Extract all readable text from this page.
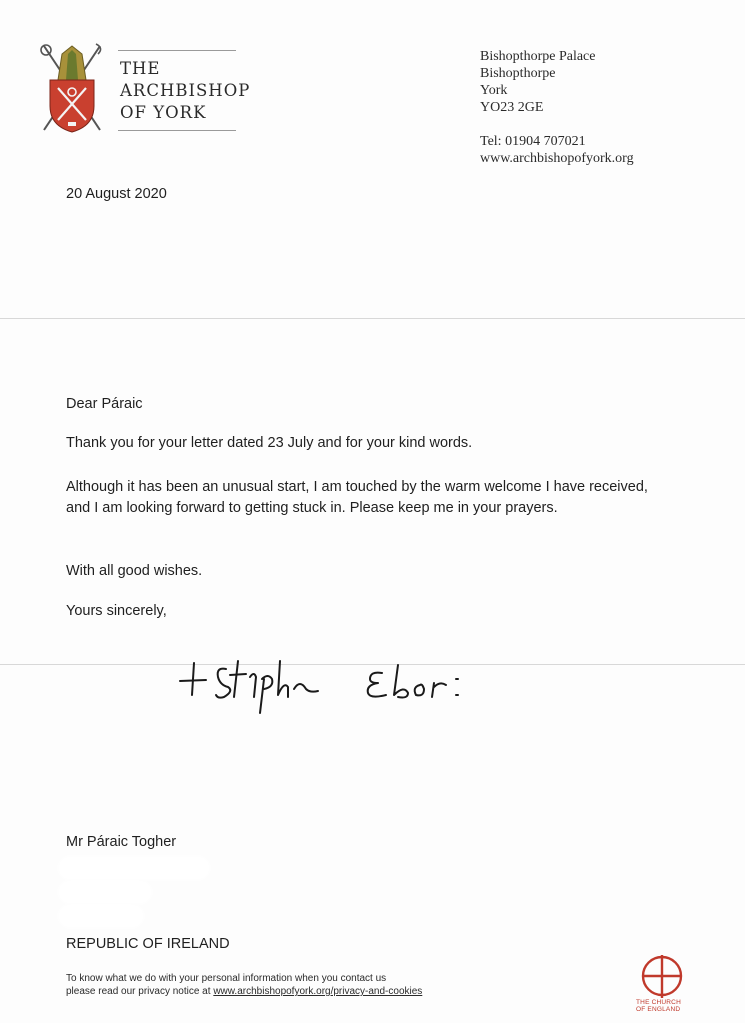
THE
ARCHBISHOP
OF YORK
Bishopthorpe Palace
Bishopthorpe
York
YO23 2GE
Tel: 01904 707021
www.archbishopofyork.org
20 August 2020
Dear Páraic
Thank you for your letter dated 23 July and for your kind words.
Although it has been an unusual start, I am touched by the warm welcome I have received, and I am looking forward to getting stuck in. Please keep me in your prayers.
With all good wishes.
Yours sincerely,
Mr Páraic Togher
REPUBLIC OF IRELAND
To know what we do with your personal information when you contact us
please read our privacy notice at www.archbishopofyork.org/privacy-and-cookies
THE CHURCH
OF ENGLAND
